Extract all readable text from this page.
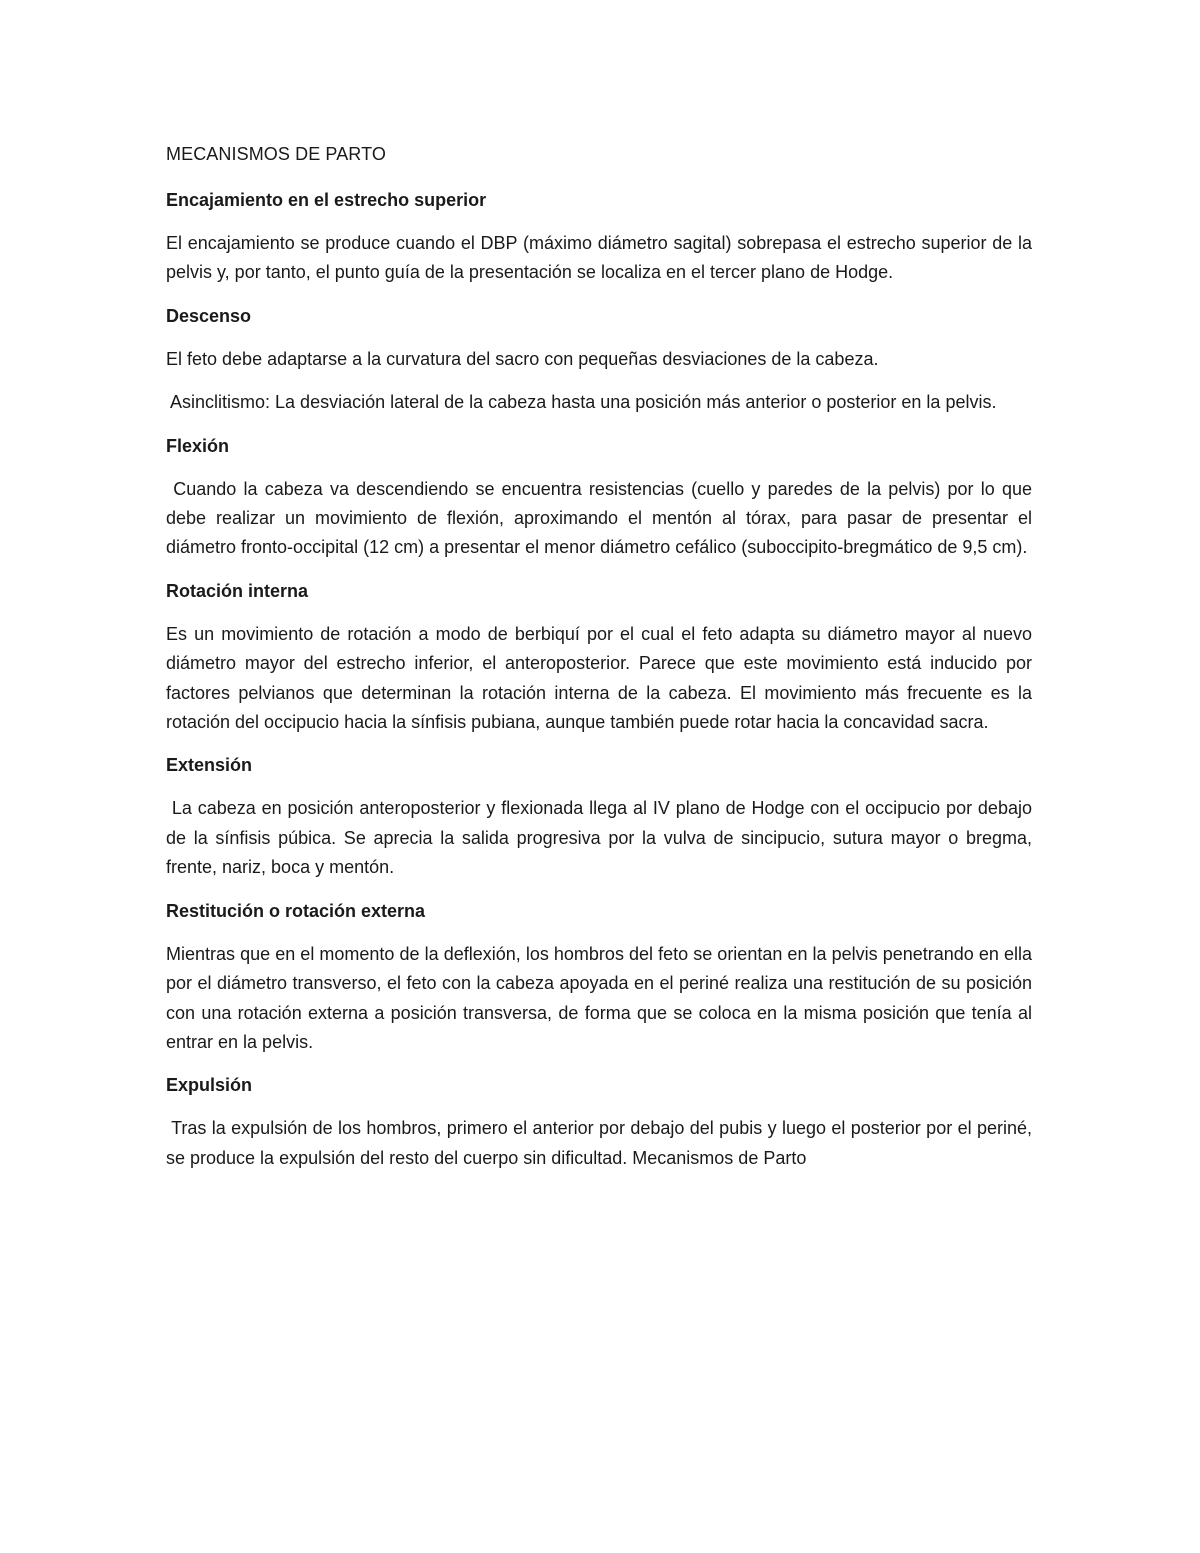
MECANISMOS DE PARTO
Encajamiento en el estrecho superior
El encajamiento se produce cuando el DBP (máximo diámetro sagital) sobrepasa el estrecho superior de la pelvis y, por tanto, el punto guía de la presentación se localiza en el tercer plano de Hodge.
Descenso
El feto debe adaptarse a la curvatura del sacro con pequeñas desviaciones de la cabeza.
Asinclitismo: La desviación lateral de la cabeza hasta una posición más anterior o posterior en la pelvis.
Flexión
Cuando la cabeza va descendiendo se encuentra resistencias (cuello y paredes de la pelvis) por lo que debe realizar un movimiento de flexión, aproximando el mentón al tórax, para pasar de presentar el diámetro fronto-occipital (12 cm) a presentar el menor diámetro cefálico (suboccipito-bregmático de 9,5 cm).
Rotación interna
Es un movimiento de rotación a modo de berbiquí por el cual el feto adapta su diámetro mayor al nuevo diámetro mayor del estrecho inferior, el anteroposterior. Parece que este movimiento está inducido por factores pelvianos que determinan la rotación interna de la cabeza. El movimiento más frecuente es la rotación del occipucio hacia la sínfisis pubiana, aunque también puede rotar hacia la concavidad sacra.
Extensión
La cabeza en posición anteroposterior y flexionada llega al IV plano de Hodge con el occipucio por debajo de la sínfisis púbica. Se aprecia la salida progresiva por la vulva de sincipucio, sutura mayor o bregma, frente, nariz, boca y mentón.
Restitución o rotación externa
Mientras que en el momento de la deflexión, los hombros del feto se orientan en la pelvis penetrando en ella por el diámetro transverso, el feto con la cabeza apoyada en el periné realiza una restitución de su posición con una rotación externa a posición transversa, de forma que se coloca en la misma posición que tenía al entrar en la pelvis.
Expulsión
Tras la expulsión de los hombros, primero el anterior por debajo del pubis y luego el posterior por el periné, se produce la expulsión del resto del cuerpo sin dificultad. Mecanismos de Parto
